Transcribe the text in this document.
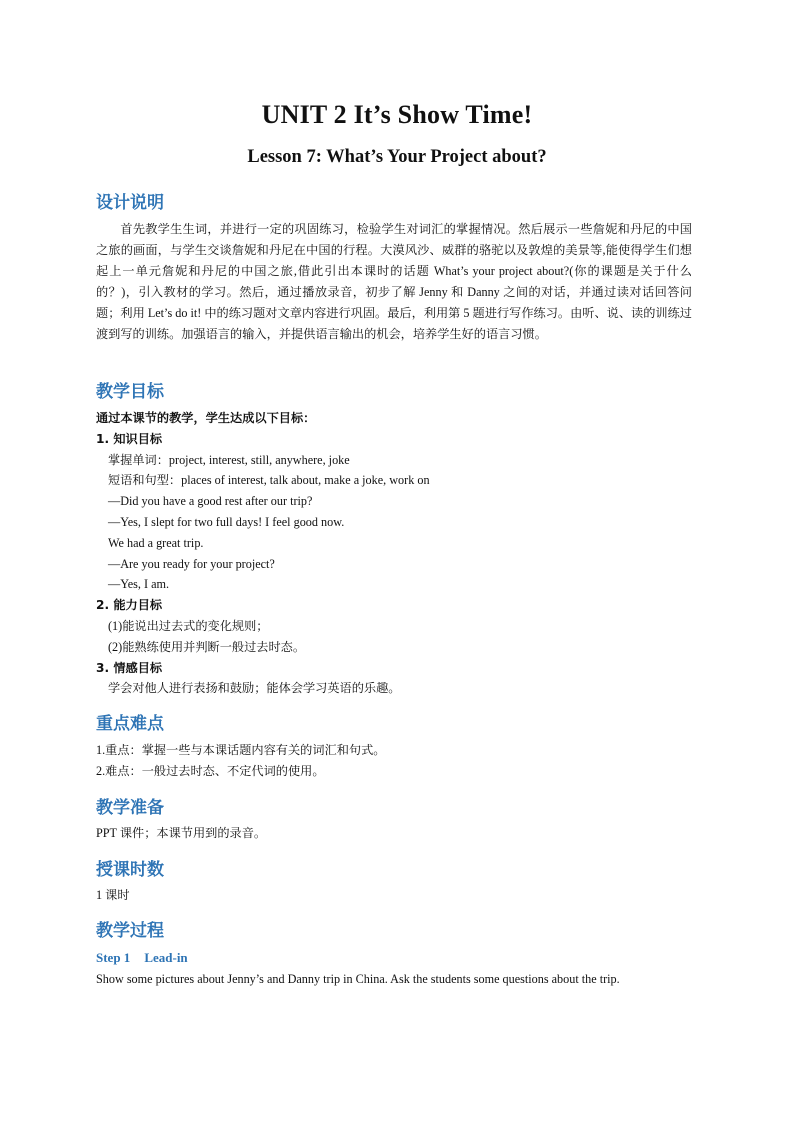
UNIT 2 It’s Show Time!
Lesson 7: What’s Your Project about?
设计说明
首先教学生生词，并进行一定的巩固练习，检验学生对词汇的掌握情况。然后展示一些詹妮和丹尼的中国之旅的画面，与学生交谈詹妮和丹尼在中国的行程。大漠风沙、威群的骆驼以及敦煌的美景等,能使得学生们想起上一单元詹妮和丹尼的中国之旅,借此引出本课时的话题 What’s your project about?(你的课题是关于什么的？)，引入教材的学习。然后，通过播放录音，初步了解 Jenny 和 Danny 之间的对话，并通过读对话回答问题；利用 Let’s do it! 中的练习题对文章内容进行巩固。最后，利用第 5 题进行写作练习。由听、说、读的训练过渡到写的训练。加强语言的输入，并提供语言输出的机会，培养学生好的语言习惯。
教学目标
通过本课节的教学，学生达成以下目标：
1. 知识目标
掌握单词：project, interest, still, anywhere, joke
短语和句型：places of interest, talk about, make a joke, work on
—Did you have a good rest after our trip?
—Yes, I slept for two full days! I feel good now.
We had a great trip.
—Are you ready for your project?
—Yes, I am.
2. 能力目标
(1)能说出过去式的变化规则；
(2)能熟练使用并判断一般过去时态。
3. 情感目标
学会对他人进行表扬和鼓励；能体会学习英语的乐趣。
重点难点
1.重点：掌握一些与本课话题内容有关的词汇和句式。
2.难点：一般过去时态、不定代词的使用。
教学准备
PPT 课件；本课节用到的录音。
授课时数
1 课时
教学过程
Step 1 Lead-in
Show some pictures about Jenny’s and Danny trip in China. Ask the students some questions about the trip.
